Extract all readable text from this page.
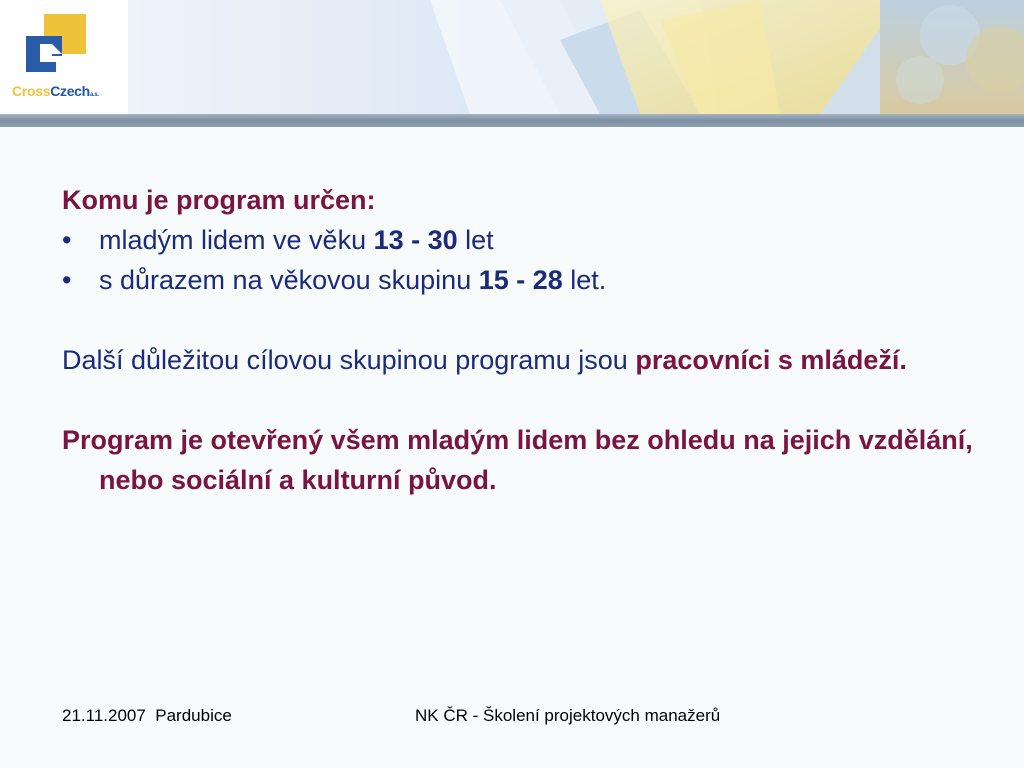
CrossCzecha.s.

Komu je program určen:

• mladým lidem ve věku 13 - 30 let

• s důrazem na věkovou skupinu 15 - 28 let.

Další důležitou cílovou skupinou programu jsou pracovníci s mládeží.

Program je otevřený všem mladým lidem bez ohledu na jejich vzdělání, nebo sociální a kulturní původ.

21.11.2007  Pardubice	NK ČR - Školení projektových manažerů
